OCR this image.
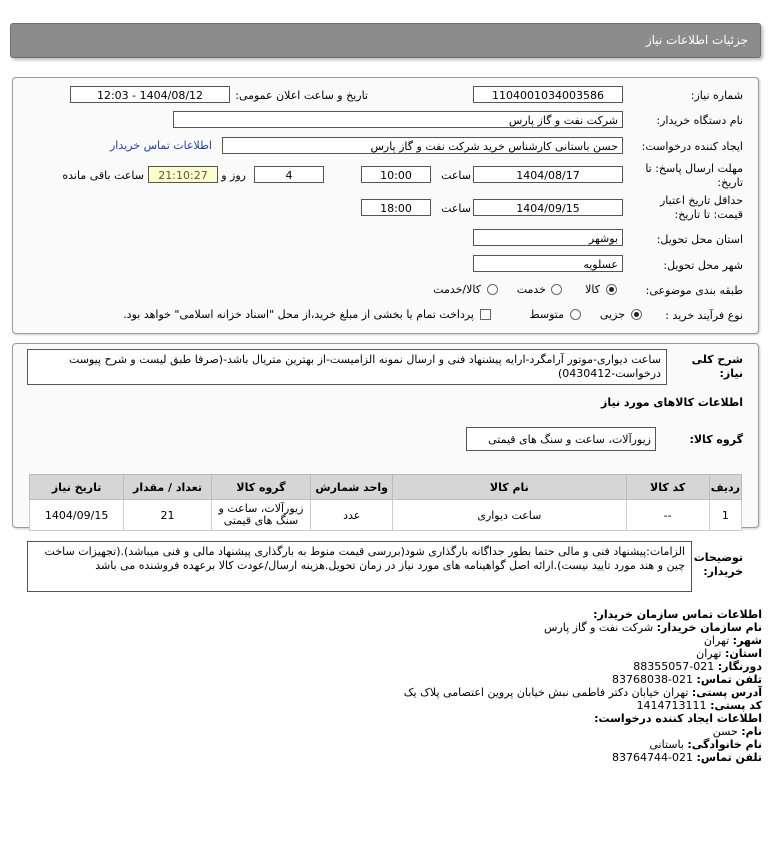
جزئیات اطلاعات نیاز
شماره نیاز:
1104001034003586
تاریخ و ساعت اعلان عمومی:
1404/08/12 - 12:03
نام دستگاه خریدار:
شرکت نفت و گاز پارس
ایجاد کننده درخواست:
حسن باستانی کارشناس خرید شرکت نفت و گاز پارس
اطلاعات تماس خریدار
مهلت ارسال پاسخ: تا
تاریخ:
1404/08/17
ساعت
10:00
4
روز و
21:10:27
ساعت باقی مانده
حداقل تاریخ اعتبار
قیمت: تا تاریخ:
1404/09/15
ساعت
18:00
استان محل تحویل:
بوشهر
شهر محل تحویل:
عسلویه
طبقه بندی موضوعی:
کالا
خدمت
کالا/خدمت
نوع فرآیند خرید :
جزیی
متوسط
پرداخت تمام یا بخشی از مبلغ خرید،از محل "اسناد خزانه اسلامی" خواهد بود.
شرح کلی نیاز:
ساعت دیواری-موتور آرامگرد-ارایه پیشنهاد فنی و ارسال نمونه الزامیست-از بهترین متریال باشد-(صرفا طبق لیست و شرح پیوست درخواست-0430412)
اطلاعات کالاهای مورد نیاز
گروه کالا:
زیورآلات، ساعت و سنگ های قیمتی
ردیف	کد کالا	نام کالا	واحد شمارش	گروه کالا	تعداد / مقدار	تاریخ نیاز
1	--	ساعت دیواری	عدد	زیورآلات، ساعت و سنگ های قیمتی	21	1404/09/15
توضیحات خریدار:
الزامات:پیشنهاد فنی و مالی حتما بطور جداگانه بارگذاری شود(بررسی قیمت منوط به بارگذاری پیشنهاد مالی و فنی میباشد).(تجهیزات ساخت چین و هند مورد تایید نیست).ارائه اصل گواهینامه های مورد نیاز در زمان تحویل.هزینه ارسال/عودت کالا برعهده فروشنده می باشد
اطلاعات تماس سازمان خریدار:
نام سازمان خریدار: شرکت نفت و گاز پارس
شهر: تهران
استان: تهران
دورنگار: 021-88355057
تلفن تماس: 021-83768038
آدرس پستی: تهران خیابان دکتر فاطمی نبش خیابان پروین اعتصامی پلاک یک
کد پستی: 1414713111
اطلاعات ایجاد کننده درخواست:
نام: حسن
نام خانوادگی: باستانی
تلفن تماس: 021-83764744
